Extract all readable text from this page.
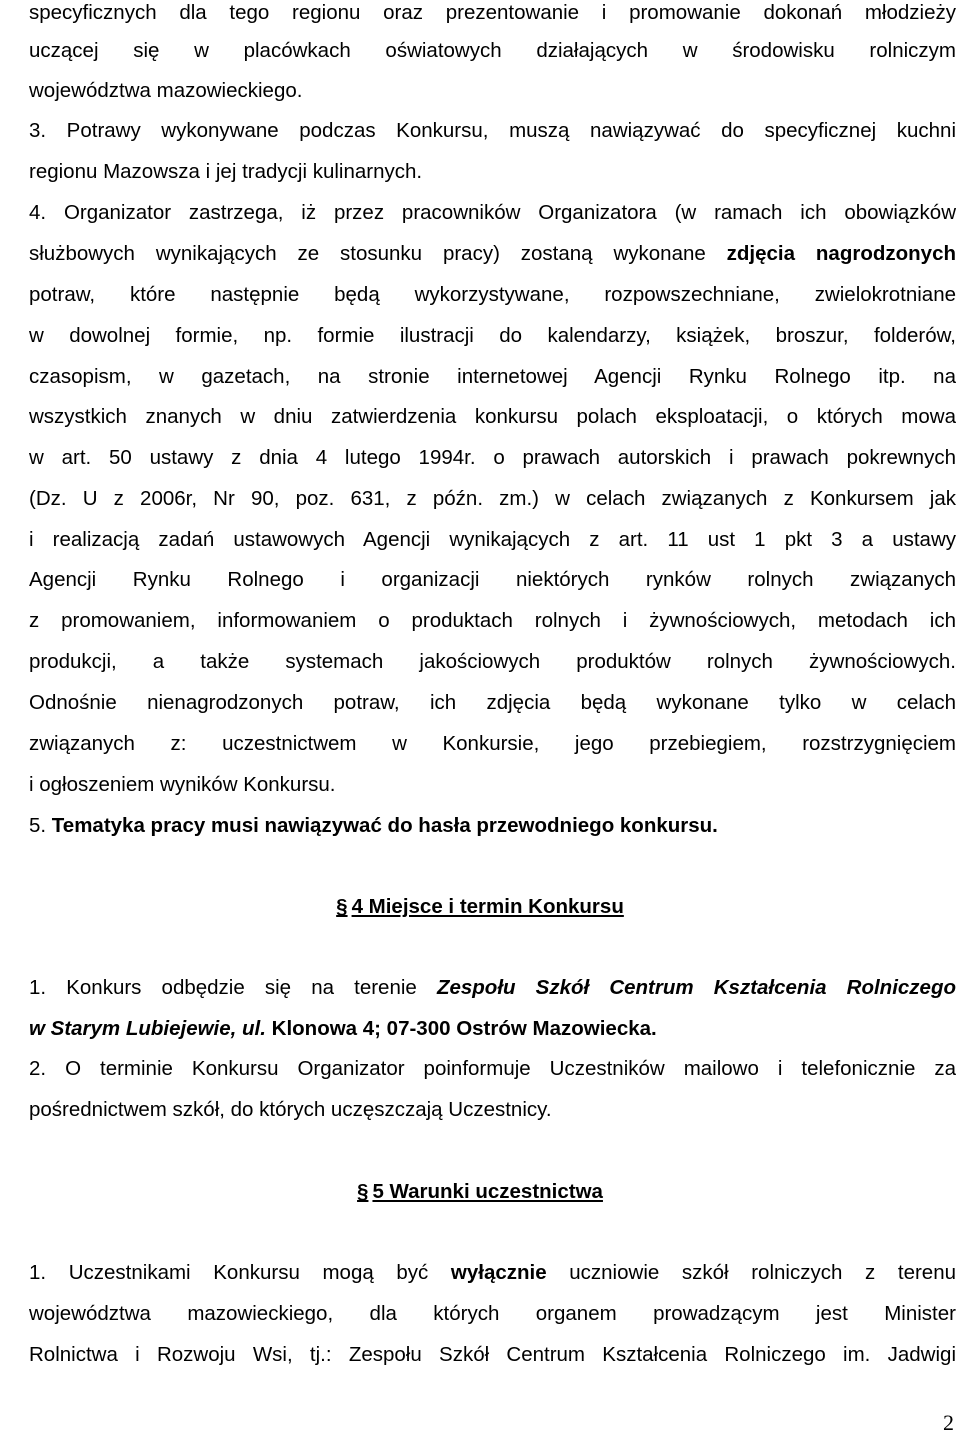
specyficznych dla tego regionu oraz prezentowanie i promowanie dokonań młodzieży
uczącej się w placówkach oświatowych działających w środowisku rolniczym
województwa mazowieckiego.
3. Potrawy wykonywane podczas Konkursu, muszą nawiązywać do specyficznej kuchni
regionu Mazowsza i jej tradycji kulinarnych.
4. Organizator zastrzega, iż przez pracowników Organizatora (w ramach ich obowiązków
służbowych wynikających ze stosunku pracy) zostaną wykonane zdjęcia nagrodzonych
potraw, które następnie będą wykorzystywane, rozpowszechniane, zwielokrotniane
w dowolnej formie, np. formie ilustracji do kalendarzy, książek, broszur, folderów,
czasopism, w gazetach, na stronie internetowej Agencji Rynku Rolnego itp. na
wszystkich znanych w dniu zatwierdzenia konkursu polach eksploatacji, o których mowa
w art. 50 ustawy z dnia 4 lutego 1994r. o prawach autorskich i prawach pokrewnych
(Dz. U z 2006r, Nr 90, poz. 631, z późn. zm.) w celach związanych z Konkursem jak
i realizacją zadań ustawowych Agencji wynikających z art. 11 ust 1 pkt 3 a ustawy
Agencji Rynku Rolnego i organizacji niektórych rynków rolnych związanych
z promowaniem, informowaniem o produktach rolnych i żywnościowych, metodach ich
produkcji, a także systemach jakościowych produktów rolnych żywnościowych.
Odnośnie nienagrodzonych potraw, ich zdjęcia będą wykonane tylko w celach
związanych z: uczestnictwem w Konkursie, jego przebiegiem, rozstrzygnięciem
i ogłoszeniem wyników Konkursu.
5. Tematyka pracy musi nawiązywać do hasła przewodniego konkursu.
§ 4 Miejsce i termin Konkursu
1. Konkurs odbędzie się na terenie Zespołu Szkół Centrum Kształcenia Rolniczego
w Starym Lubiejewie, ul. Klonowa 4; 07-300 Ostrów Mazowiecka.
2. O terminie Konkursu Organizator poinformuje Uczestników mailowo i telefonicznie za
pośrednictwem szkół, do których uczęszczają Uczestnicy.
§ 5 Warunki uczestnictwa
1. Uczestnikami Konkursu mogą być wyłącznie uczniowie szkół rolniczych z terenu
województwa mazowieckiego, dla których organem prowadzącym jest Minister
Rolnictwa i Rozwoju Wsi, tj.: Zespołu Szkół Centrum Kształcenia Rolniczego im. Jadwigi
2
